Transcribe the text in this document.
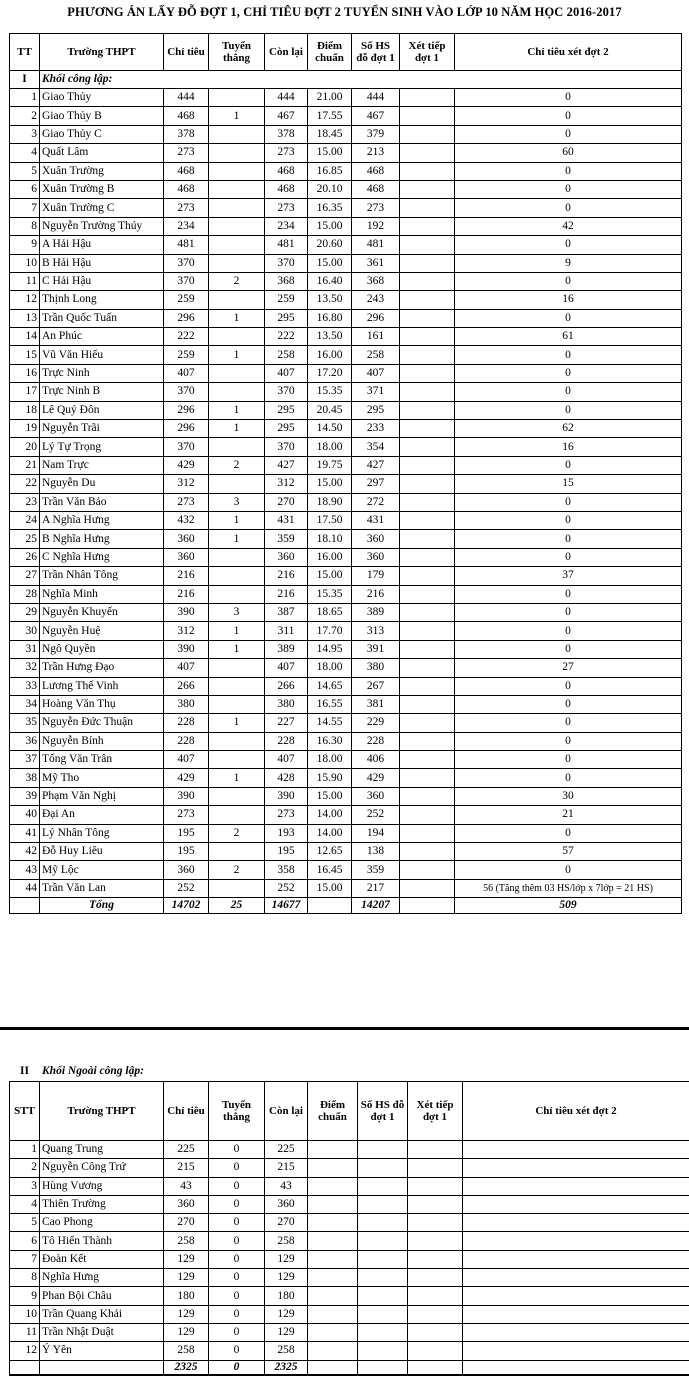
PHƯƠNG ÁN LẤY ĐỖ ĐỢT 1, CHỈ TIÊU ĐỢT 2 TUYỂN SINH VÀO LỚP 10 NĂM HỌC 2016-2017
TT	Trường THPT	Chỉ tiêu	Tuyển thẳng	Còn lại	Điểm chuẩn	Số HS đỗ đợt 1	Xét tiếp đợt 1	Chỉ tiêu xét đợt 2
I	Khối công lập:							
1	Giao Thủy	444		444	21.00	444		0
2	Giao Thủy B	468	1	467	17.55	467		0
3	Giao Thủy C	378		378	18.45	379		0
4	Quất Lâm	273		273	15.00	213		60
5	Xuân Trường	468		468	16.85	468		0
6	Xuân Trường B	468		468	20.10	468		0
7	Xuân Trường C	273		273	16.35	273		0
8	Nguyễn Trường Thúy	234		234	15.00	192		42
9	A Hải Hậu	481		481	20.60	481		0
10	B Hải Hậu	370		370	15.00	361		9
11	C Hải Hậu	370	2	368	16.40	368		0
12	Thịnh Long	259		259	13.50	243		16
13	Trần Quốc Tuấn	296	1	295	16.80	296		0
14	An Phúc	222		222	13.50	161		61
15	Vũ Văn Hiếu	259	1	258	16.00	258		0
16	Trực Ninh	407		407	17.20	407		0
17	Trực Ninh B	370		370	15.35	371		0
18	Lê Quý Đôn	296	1	295	20.45	295		0
19	Nguyễn Trãi	296	1	295	14.50	233		62
20	Lý Tự Trọng	370		370	18.00	354		16
21	Nam Trực	429	2	427	19.75	427		0
22	Nguyễn Du	312		312	15.00	297		15
23	Trần Văn Bảo	273	3	270	18.90	272		0
24	A Nghĩa Hưng	432	1	431	17.50	431		0
25	B Nghĩa Hưng	360	1	359	18.10	360		0
26	C Nghĩa Hưng	360		360	16.00	360		0
27	Trần Nhân Tông	216		216	15.00	179		37
28	Nghĩa Minh	216		216	15.35	216		0
29	Nguyễn Khuyến	390	3	387	18.65	389		0
30	Nguyễn Huệ	312	1	311	17.70	313		0
31	Ngô Quyền	390	1	389	14.95	391		0
32	Trần Hưng Đạo	407		407	18.00	380		27
33	Lương Thế Vinh	266		266	14.65	267		0
34	Hoàng Văn Thụ	380		380	16.55	381		0
35	Nguyễn Đức Thuận	228	1	227	14.55	229		0
36	Nguyễn Bính	228		228	16.30	228		0
37	Tống Văn Trân	407		407	18.00	406		0
38	Mỹ Tho	429	1	428	15.90	429		0
39	Phạm Văn Nghị	390		390	15.00	360		30
40	Đại An	273		273	14.00	252		21
41	Lý Nhân Tông	195	2	193	14.00	194		0
42	Đỗ Huy Liêu	195		195	12.65	138		57
43	Mỹ Lộc	360	2	358	16.45	359		0
44	Trần Văn Lan	252		252	15.00	217		56 (Tăng thêm 03 HS/lớp x 7lớp = 21 HS)
	Tổng	14702	25	14677		14207		509
II Khối Ngoài công lập:
STT	Trường THPT	Chỉ tiêu	Tuyển thẳng	Còn lại	Điểm chuẩn	Số HS đỗ đợt 1	Xét tiếp đợt 1	Chỉ tiêu xét đợt 2
1	Quang Trung	225	0	225				
2	Nguyễn Công Trứ	215	0	215				
3	Hùng Vương	43	0	43				
4	Thiên Trường	360	0	360				
5	Cao Phong	270	0	270				
6	Tô Hiến Thành	258	0	258				
7	Đoàn Kết	129	0	129				
8	Nghĩa Hưng	129	0	129				
9	Phan Bội Châu	180	0	180				
10	Trần Quang Khải	129	0	129				
11	Trần Nhật Duật	129	0	129				
12	Ý Yên	258	0	258				
		2325	0	2325				
